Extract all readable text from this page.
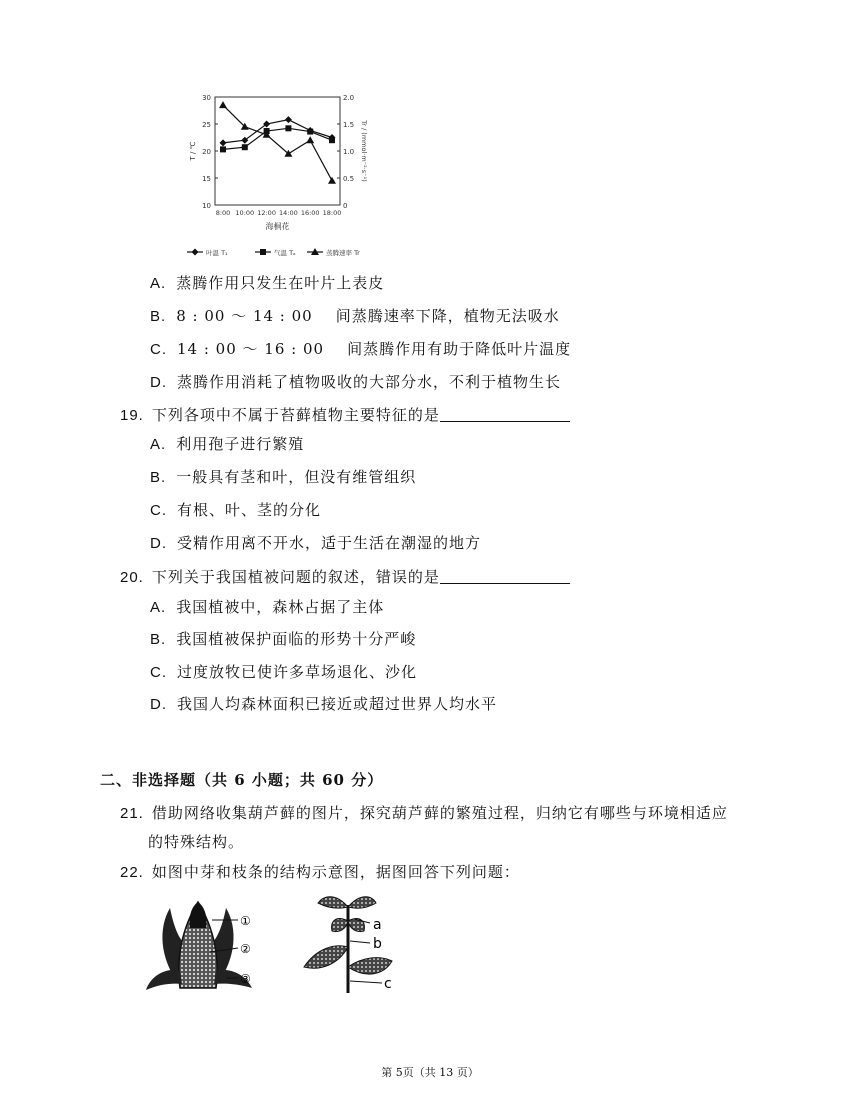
30
25
20
15
10
2.0
1.5
1.0
0.5
0
8:00 10:00 12:00 14:00 16:00 18:00
海桐花
T / ℃	Tr / (mmol·m⁻²·s⁻¹)
叶温 T₁	气温 Tₐ	蒸腾速率 Tr
A. 蒸腾作用只发生在叶片上表皮
B. 8 : 00 ～ 14 : 00    间蒸腾速率下降，植物无法吸水
C. 14 : 00 ～ 16 : 00    间蒸腾作用有助于降低叶片温度
D. 蒸腾作用消耗了植物吸收的大部分水，不利于植物生长
19. 下列各项中不属于苔藓植物主要特征的是
A. 利用孢子进行繁殖
B. 一般具有茎和叶，但没有维管组织
C. 有根、叶、茎的分化
D. 受精作用离不开水，适于生活在潮湿的地方
20. 下列关于我国植被问题的叙述，错误的是
A. 我国植被中，森林占据了主体
B. 我国植被保护面临的形势十分严峻
C. 过度放牧已使许多草场退化、沙化
D. 我国人均森林面积已接近或超过世界人均水平
二、非选择题（共 6 小题；共 60 分）
21. 借助网络收集葫芦藓的图片，探究葫芦藓的繁殖过程，归纳它有哪些与环境相适应
的特殊结构。
22. 如图中芽和枝条的结构示意图，据图回答下列问题：
①
②
③
a
b
c
第 5页（共 13 页）
